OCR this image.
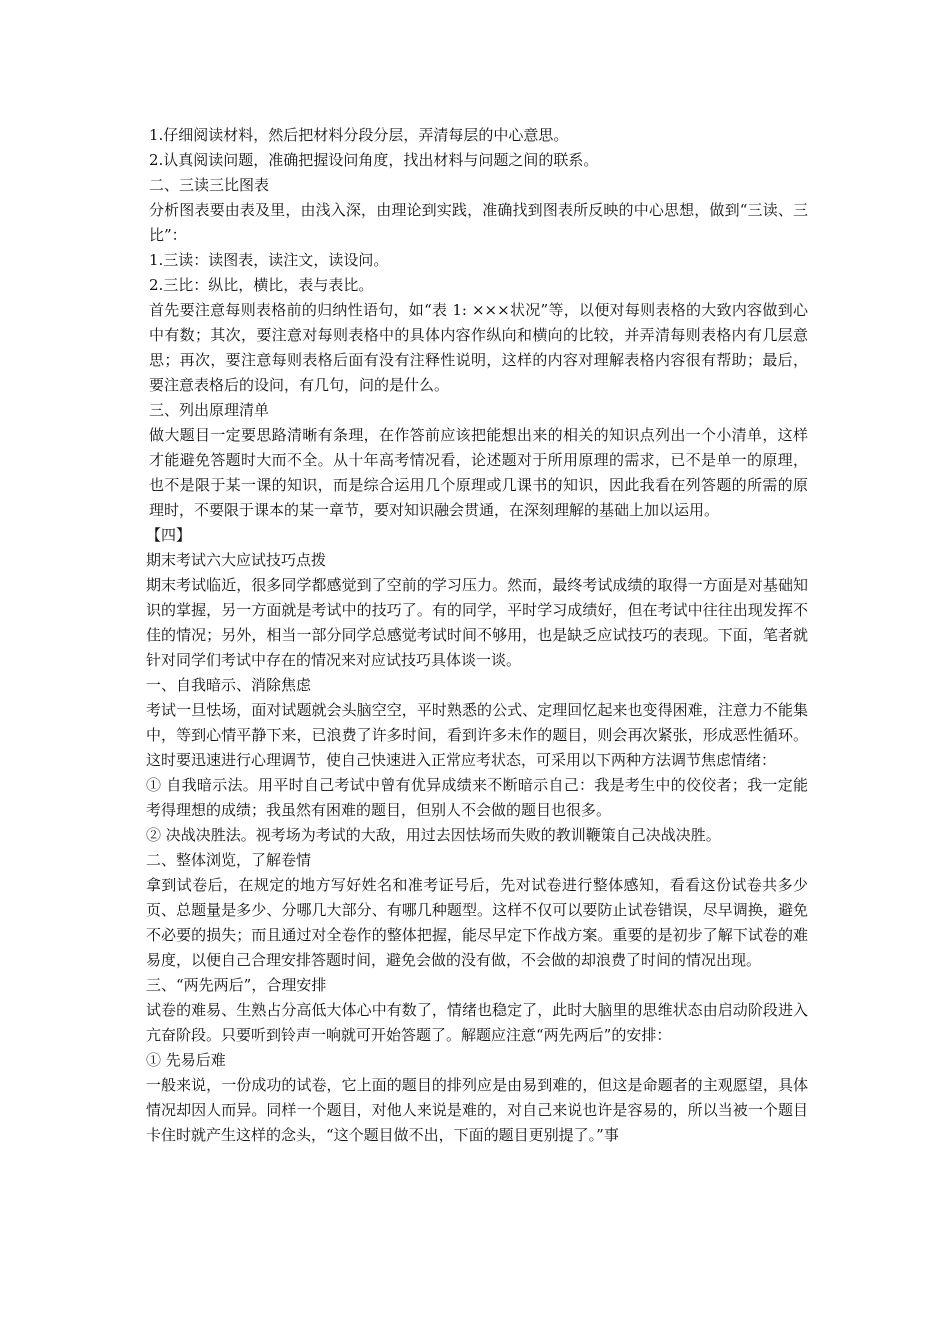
1.仔细阅读材料，然后把材料分段分层，弄清每层的中心意思。

2.认真阅读问题，准确把握设问角度，找出材料与问题之间的联系。

二、三读三比图表

分析图表要由表及里，由浅入深，由理论到实践，准确找到图表所反映的中心思想，做到“三读、三比”：

1.三读：读图表，读注文，读设问。

2.三比：纵比，横比，表与表比。

首先要注意每则表格前的归纳性语句，如“表 1: ×××状况”等，以便对每则表格的大致内容做到心中有数；其次，要注意对每则表格中的具体内容作纵向和横向的比较，并弄清每则表格内有几层意思；再次，要注意每则表格后面有没有注释性说明，这样的内容对理解表格内容很有帮助；最后，要注意表格后的设问，有几句，问的是什么。

三、列出原理清单

做大题目一定要思路清晰有条理，在作答前应该把能想出来的相关的知识点列出一个小清单，这样才能避免答题时大而不全。从十年高考情况看，论述题对于所用原理的需求，已不是单一的原理，也不是限于某一课的知识，而是综合运用几个原理或几课书的知识，因此我看在列答题的所需的原理时，不要限于课本的某一章节，要对知识融会贯通，在深刻理解的基础上加以运用。

【四】

期末考试六大应试技巧点拨

期末考试临近，很多同学都感觉到了空前的学习压力。然而，最终考试成绩的取得一方面是对基础知识的掌握，另一方面就是考试中的技巧了。有的同学，平时学习成绩好，但在考试中往往出现发挥不佳的情况；另外，相当一部分同学总感觉考试时间不够用，也是缺乏应试技巧的表现。下面，笔者就针对同学们考试中存在的情况来对应试技巧具体谈一谈。

一、自我暗示、消除焦虑

考试一旦怯场，面对试题就会头脑空空，平时熟悉的公式、定理回忆起来也变得困难，注意力不能集中，等到心情平静下来，已浪费了许多时间，看到许多未作的题目，则会再次紧张，形成恶性循环。这时要迅速进行心理调节，使自己快速进入正常应考状态，可采用以下两种方法调节焦虑情绪：

① 自我暗示法。用平时自己考试中曾有优异成绩来不断暗示自己：我是考生中的佼佼者；我一定能考得理想的成绩；我虽然有困难的题目，但别人不会做的题目也很多。

② 决战决胜法。视考场为考试的大敌，用过去因怯场而失败的教训鞭策自己决战决胜。

二、整体浏览，了解卷情

拿到试卷后，在规定的地方写好姓名和准考证号后，先对试卷进行整体感知，看看这份试卷共多少页、总题量是多少、分哪几大部分、有哪几种题型。这样不仅可以要防止试卷错误，尽早调换，避免不必要的损失；而且通过对全卷作的整体把握，能尽早定下作战方案。重要的是初步了解下试卷的难易度，以便自己合理安排答题时间，避免会做的没有做，不会做的却浪费了时间的情况出现。

三、“两先两后”，合理安排

试卷的难易、生熟占分高低大体心中有数了，情绪也稳定了，此时大脑里的思维状态由启动阶段进入亢奋阶段。只要听到铃声一响就可开始答题了。解题应注意“两先两后”的安排：

① 先易后难

一般来说，一份成功的试卷，它上面的题目的排列应是由易到难的，但这是命题者的主观愿望，具体情况却因人而异。同样一个题目，对他人来说是难的，对自己来说也许是容易的，所以当被一个题目卡住时就产生这样的念头，“这个题目做不出，下面的题目更别提了。”事
